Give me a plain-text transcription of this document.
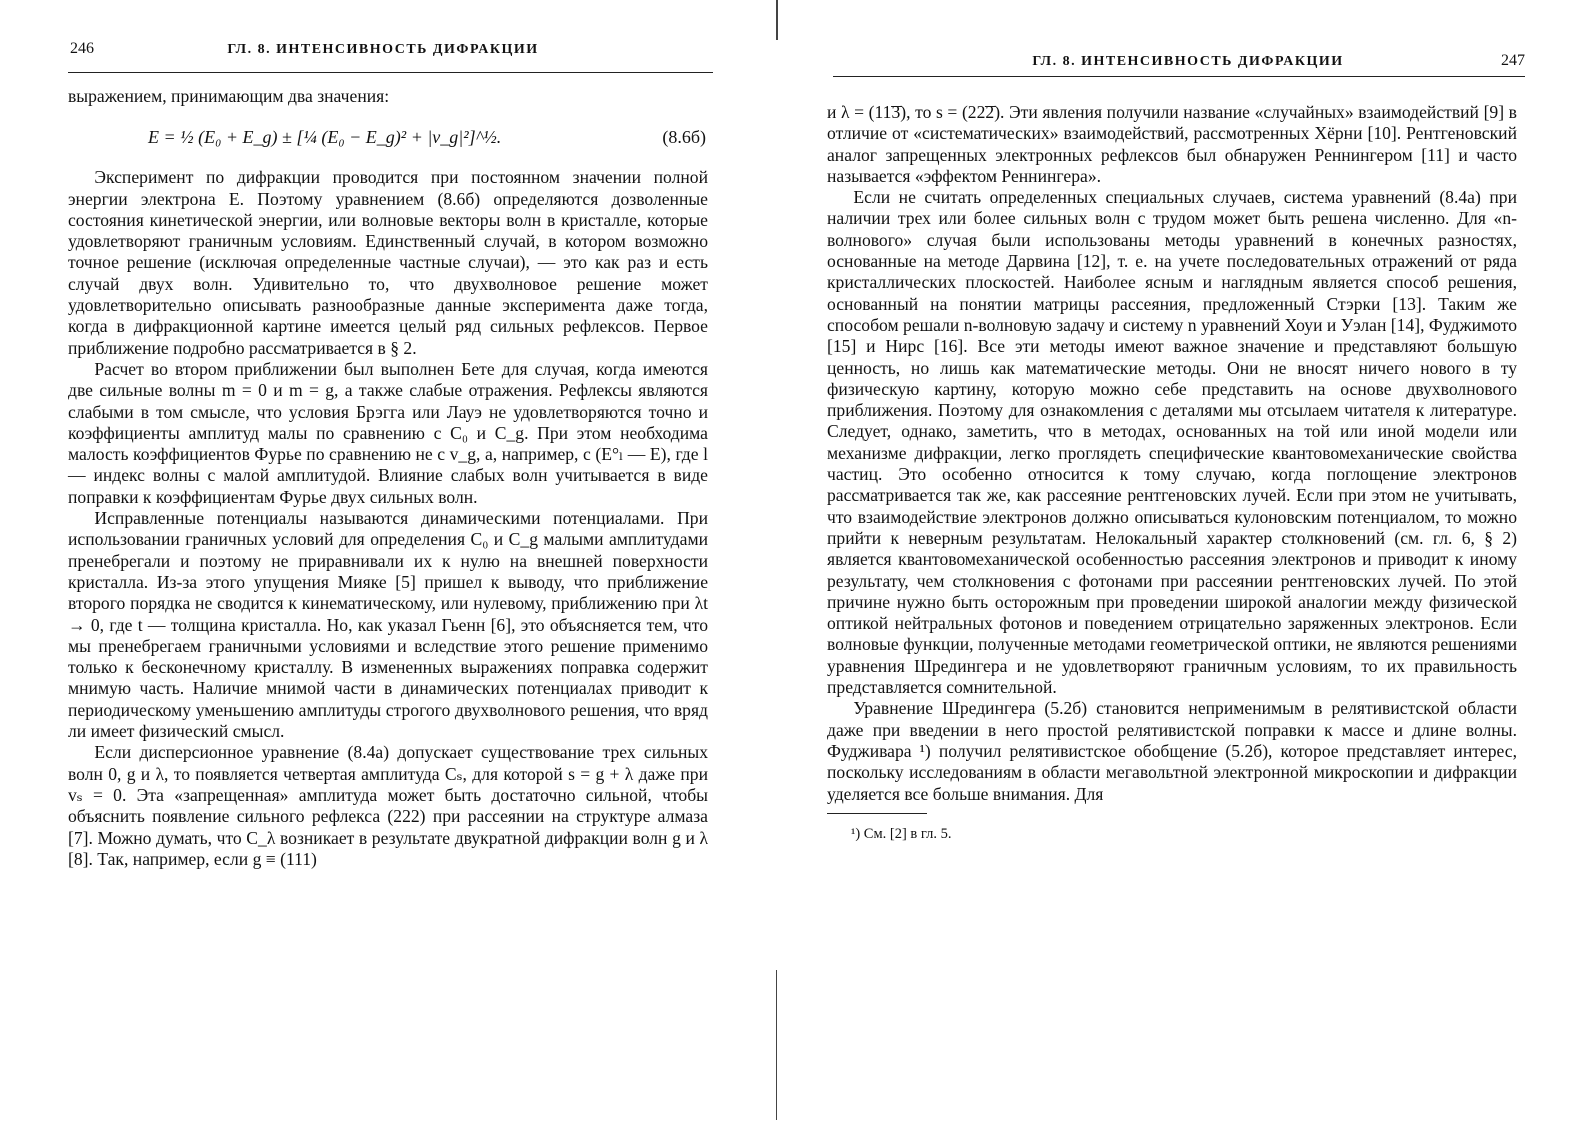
246	ГЛ. 8. ИНТЕНСИВНОСТЬ ДИФРАКЦИИ

выражением, принимающим два значения:

E = ½ (E₀ + E_g) ± [¼ (E₀ − E_g)² + |v_g|²]^½.	(8.6б)

Эксперимент по дифракции проводится при постоянном значении полной энергии электрона E. Поэтому уравнением (8.6б) определяются дозволенные состояния кинетической энергии, или волновые векторы волн в кристалле, которые удовлетворяют граничным условиям. Единственный случай, в котором возможно точное решение (исключая определенные частные случаи), — это как раз и есть случай двух волн. Удивительно то, что двухволновое решение может удовлетворительно описывать разнообразные данные эксперимента даже тогда, когда в дифракционной картине имеется целый ряд сильных рефлексов. Первое приближение подробно рассматривается в § 2.

Расчет во втором приближении был выполнен Бете для случая, когда имеются две сильные волны m = 0 и m = g, а также слабые отражения. Рефлексы являются слабыми в том смысле, что условия Брэгга или Лауэ не удовлетворяются точно и коэффициенты амплитуд малы по сравнению с C₀ и C_g. При этом необходима малость коэффициентов Фурье по сравнению не с v_g, а, например, с (E°ₗ — E), где l — индекс волны с малой амплитудой. Влияние слабых волн учитывается в виде поправки к коэффициентам Фурье двух сильных волн.

Исправленные потенциалы называются динамическими потенциалами. При использовании граничных условий для определения C₀ и C_g малыми амплитудами пренебрегали и поэтому не приравнивали их к нулю на внешней поверхности кристалла. Из-за этого упущения Мияке [5] пришел к выводу, что приближение второго порядка не сводится к кинематическому, или нулевому, приближению при λt → 0, где t — толщина кристалла. Но, как указал Гьенн [6], это объясняется тем, что мы пренебрегаем граничными условиями и вследствие этого решение применимо только к бесконечному кристаллу. В измененных выражениях поправка содержит мнимую часть. Наличие мнимой части в динамических потенциалах приводит к периодическому уменьшению амплитуды строгого двухволнового решения, что вряд ли имеет физический смысл.

Если дисперсионное уравнение (8.4а) допускает существование трех сильных волн 0, g и λ, то появляется четвертая амплитуда Cₛ, для которой s = g + λ даже при vₛ = 0. Эта «запрещенная» амплитуда может быть достаточно сильной, чтобы объяснить появление сильного рефлекса (222) при рассеянии на структуре алмаза [7]. Можно думать, что C_λ возникает в результате двукратной дифракции волн g и λ [8]. Так, например, если g ≡ (111)

ГЛ. 8. ИНТЕНСИВНОСТЬ ДИФРАКЦИИ	247

и λ = (11͞3), то s = (22͞2). Эти явления получили название «случайных» взаимодействий [9] в отличие от «систематических» взаимодействий, рассмотренных Хёрни [10]. Рентгеновский аналог запрещенных электронных рефлексов был обнаружен Реннингером [11] и часто называется «эффектом Реннингера».

Если не считать определенных специальных случаев, система уравнений (8.4а) при наличии трех или более сильных волн с трудом может быть решена численно. Для «n-волнового» случая были использованы методы уравнений в конечных разностях, основанные на методе Дарвина [12], т. е. на учете последовательных отражений от ряда кристаллических плоскостей. Наиболее ясным и наглядным является способ решения, основанный на понятии матрицы рассеяния, предложенный Стэрки [13]. Таким же способом решали n-волновую задачу и систему n уравнений Хоуи и Уэлан [14], Фуджимото [15] и Нирс [16]. Все эти методы имеют важное значение и представляют большую ценность, но лишь как математические методы. Они не вносят ничего нового в ту физическую картину, которую можно себе представить на основе двухволнового приближения. Поэтому для ознакомления с деталями мы отсылаем читателя к литературе. Следует, однако, заметить, что в методах, основанных на той или иной модели или механизме дифракции, легко проглядеть специфические квантовомеханические свойства частиц. Это особенно относится к тому случаю, когда поглощение электронов рассматривается так же, как рассеяние рентгеновских лучей. Если при этом не учитывать, что взаимодействие электронов должно описываться кулоновским потенциалом, то можно прийти к неверным результатам. Нелокальный характер столкновений (см. гл. 6, § 2) является квантовомеханической особенностью рассеяния электронов и приводит к иному результату, чем столкновения с фотонами при рассеянии рентгеновских лучей. По этой причине нужно быть осторожным при проведении широкой аналогии между физической оптикой нейтральных фотонов и поведением отрицательно заряженных электронов. Если волновые функции, полученные методами геометрической оптики, не являются решениями уравнения Шредингера и не удовлетворяют граничным условиям, то их правильность представляется сомнительной.

Уравнение Шредингера (5.2б) становится неприменимым в релятивистской области даже при введении в него простой релятивистской поправки к массе и длине волны. Фудживара ¹) получил релятивистское обобщение (5.2б), которое представляет интерес, поскольку исследованиям в области мегавольтной электронной микроскопии и дифракции уделяется все больше внимания. Для

¹) См. [2] в гл. 5.
